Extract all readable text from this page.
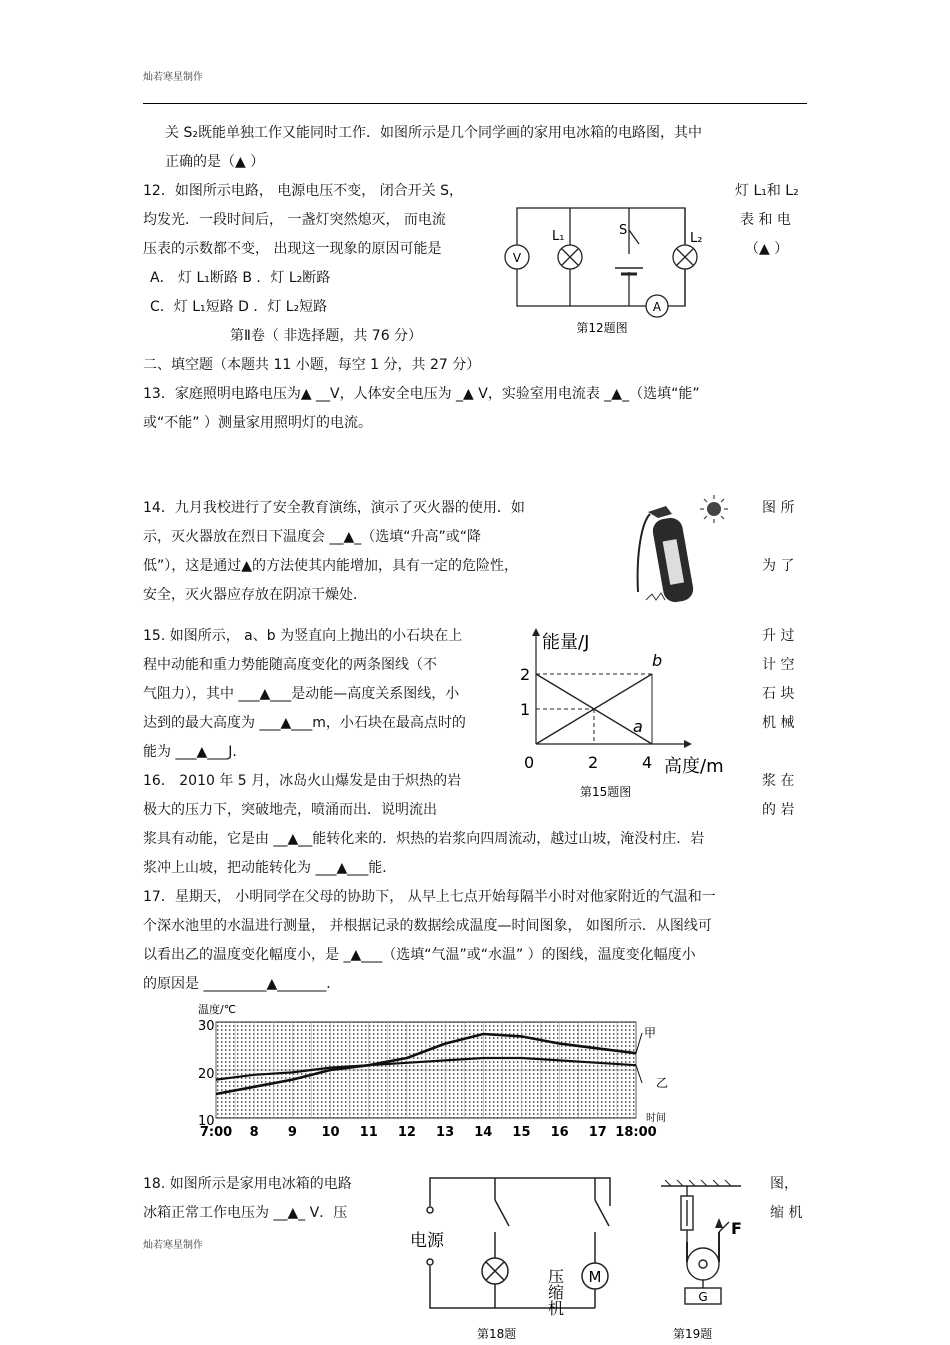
灿若寒星制作
关 S₂既能单独工作又能同时工作．如图所示是几个同学画的家用电冰箱的电路图，其中
正确的是（▲ ）
12．如图所示电路， 电源电压不变， 闭合开关 S，	灯 L₁和 L₂
均发光．一段时间后， 一盏灯突然熄灭， 而电流	表 和 电
压表的示数都不变， 出现这一现象的原因可能是	（▲ ）
A． 灯 L₁断路 B ．灯 L₂断路
C．灯 L₁短路 D ．灯 L₂短路
第Ⅱ卷（ 非选择题，共 76 分）
二、填空题（本题共 11 小题，每空 1 分，共 27 分）
13．家庭照明电路电压为▲ __V，人体安全电压为 _▲ V，实验室用电流表 _▲_（选填“能”
或“不能” ）测量家用照明灯的电流。
14．九月我校进行了安全教育演练，演示了灭火器的使用．如	图 所
示，灭火器放在烈日下温度会 __▲_（选填“升高”或“降
低”），这是通过▲的方法使其内能增加，具有一定的危险性，	为 了
安全，灭火器应存放在阴凉干燥处．
15. 如图所示， a、b 为竖直向上抛出的小石块在上	升 过
程中动能和重力势能随高度变化的两条图线（不	计 空
气阻力），其中 ___▲___是动能—高度关系图线，小	石 块
达到的最大高度为 ___▲___m，小石块在最高点时的	机 械
能为 ___▲___J．
16． 2010 年 5 月，冰岛火山爆发是由于炽热的岩	浆 在
极大的压力下，突破地壳，喷涌而出．说明流出	的 岩
浆具有动能，它是由 __▲__能转化来的．炽热的岩浆向四周流动，越过山坡，淹没村庄．岩
浆冲上山坡，把动能转化为 ___▲___能．
17．星期天， 小明同学在父母的协助下， 从早上七点开始每隔半小时对他家附近的气温和一
个深水池里的水温进行测量， 并根据记录的数据绘成温度—时间图象， 如图所示．从图线可
以看出乙的温度变化幅度小，是 _▲___（选填“气温”或“水温” ）的图线，温度变化幅度小
的原因是 _________▲_______．
18. 如图所示是家用电冰箱的电路	图，
冰箱正常工作电压为 __▲_ V．压	缩 机
灿若寒星制作
V
A
S
L₁	L₂
第12题图
能量/J
高度/m
0
1
2
2	4
a
b
第15题图
温度/℃
30
20
10
7:00 8 9 10 11 12 13 14 15 16 17 18:00
时间
甲
乙
电源
压缩机 M
第18题
F
G
第19题
